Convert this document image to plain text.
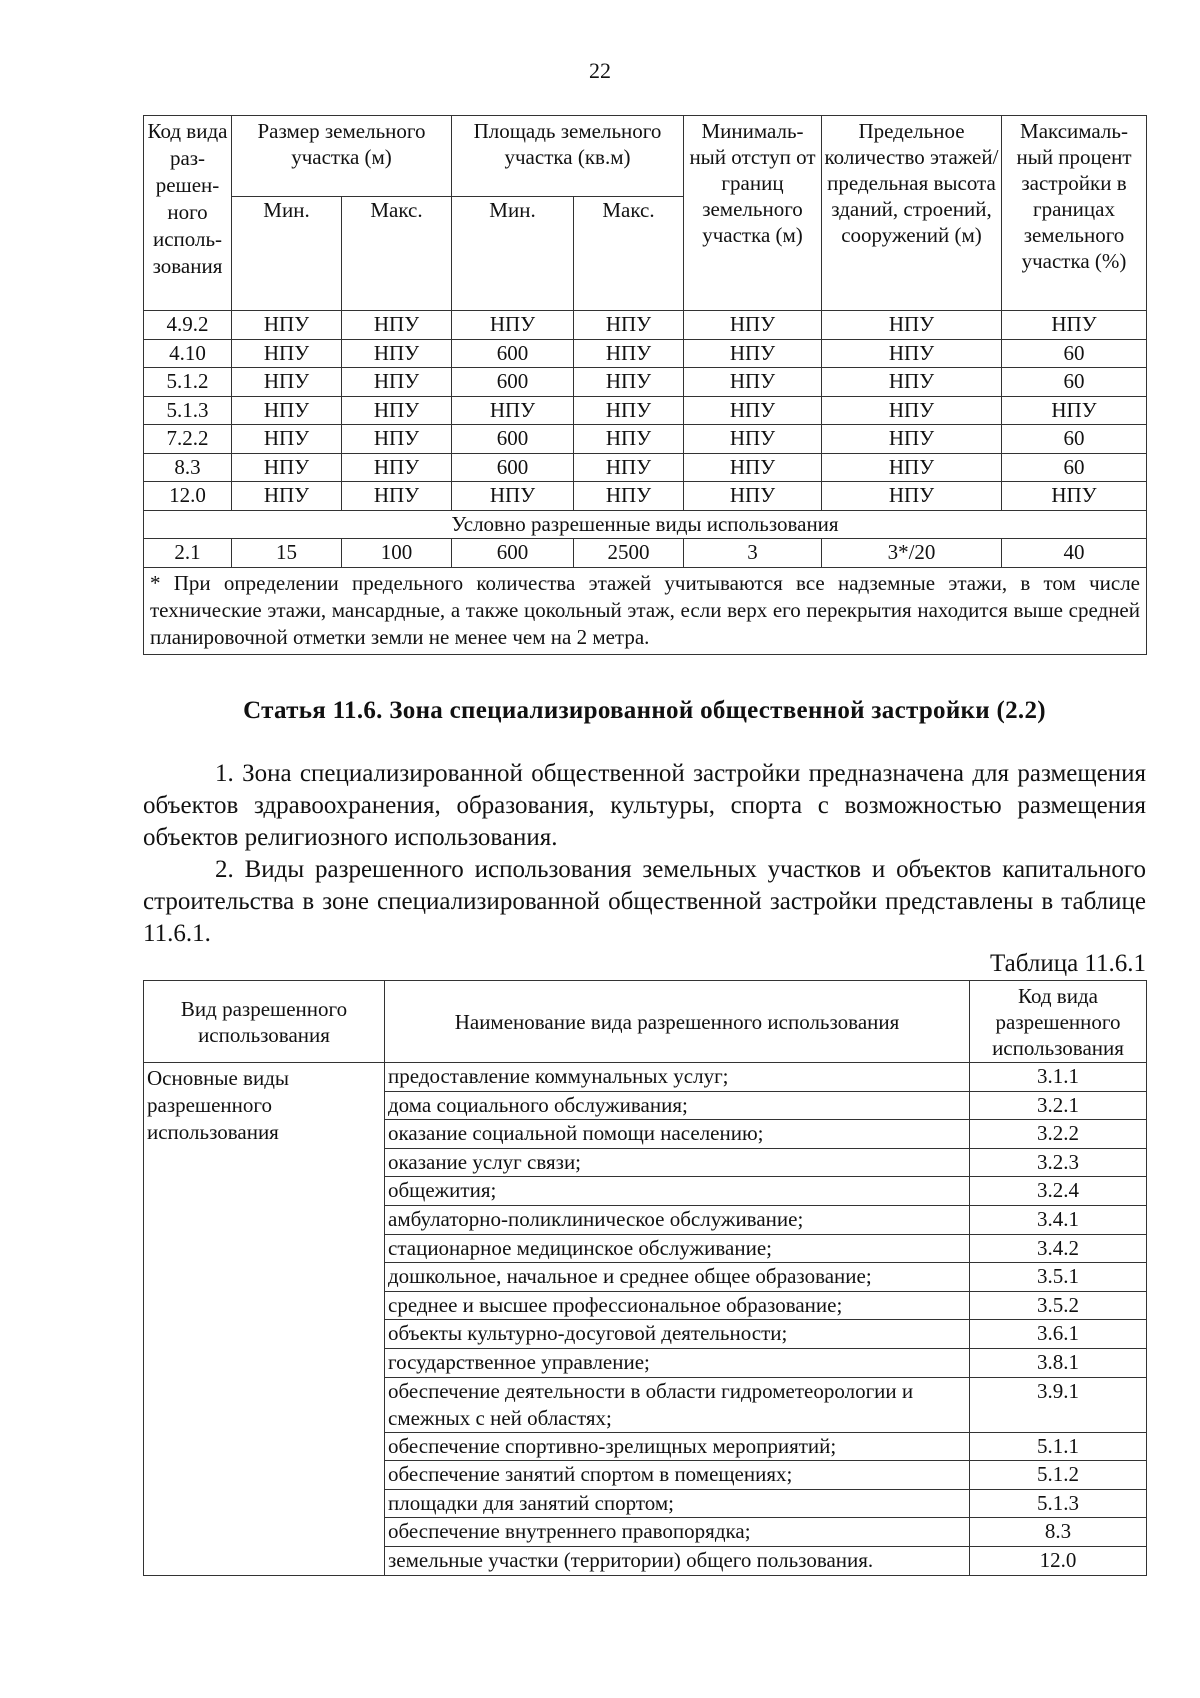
22
Код вида раз-решен-ного исполь-зования	Размер земельного участка (м)		Площадь земельного участка (кв.м)		Минималь-ный отступ от границ земельного участка (м)	Предельное количество этажей/ предельная высота зданий, строений, сооружений (м)	Максималь-ный процент застройки в границах земельного участка (%)
	Мин.	Макс.	Мин.	Макс.			
4.9.2	НПУ	НПУ	НПУ	НПУ	НПУ	НПУ	НПУ
4.10	НПУ	НПУ	600	НПУ	НПУ	НПУ	60
5.1.2	НПУ	НПУ	600	НПУ	НПУ	НПУ	60
5.1.3	НПУ	НПУ	НПУ	НПУ	НПУ	НПУ	НПУ
7.2.2	НПУ	НПУ	600	НПУ	НПУ	НПУ	60
8.3	НПУ	НПУ	600	НПУ	НПУ	НПУ	60
12.0	НПУ	НПУ	НПУ	НПУ	НПУ	НПУ	НПУ
Условно разрешенные виды использования							
2.1	15	100	600	2500	3	3*/20	40
* При определении предельного количества этажей учитываются все надземные этажи, в том числе технические этажи, мансардные, а также цокольный этаж, если верх его перекрытия находится выше средней планировочной отметки земли не менее чем на 2 метра.							
Статья 11.6. Зона специализированной общественной застройки (2.2)
1. Зона специализированной общественной застройки предназначена для размещения объектов здравоохранения, образования, культуры, спорта с возможностью размещения объектов религиозного использования.
2. Виды разрешенного использования земельных участков и объектов капитального строительства в зоне специализированной общественной застройки представлены в таблице 11.6.1.
Таблица 11.6.1
Вид разрешенного использования	Наименование вида разрешенного использования	Код вида разрешенного использования
Основные виды разрешенного использования	предоставление коммунальных услуг;	3.1.1
	дома социального обслуживания;	3.2.1
	оказание социальной помощи населению;	3.2.2
	оказание услуг связи;	3.2.3
	общежития;	3.2.4
	амбулаторно-поликлиническое обслуживание;	3.4.1
	стационарное медицинское обслуживание;	3.4.2
	дошкольное, начальное и среднее общее образование;	3.5.1
	среднее и высшее профессиональное образование;	3.5.2
	объекты культурно-досуговой деятельности;	3.6.1
	государственное управление;	3.8.1
	обеспечение деятельности в области гидрометеорологии и смежных с ней областях;	3.9.1
	обеспечение спортивно-зрелищных мероприятий;	5.1.1
	обеспечение занятий спортом в помещениях;	5.1.2
	площадки для занятий спортом;	5.1.3
	обеспечение внутреннего правопорядка;	8.3
	земельные участки (территории) общего пользования.	12.0
